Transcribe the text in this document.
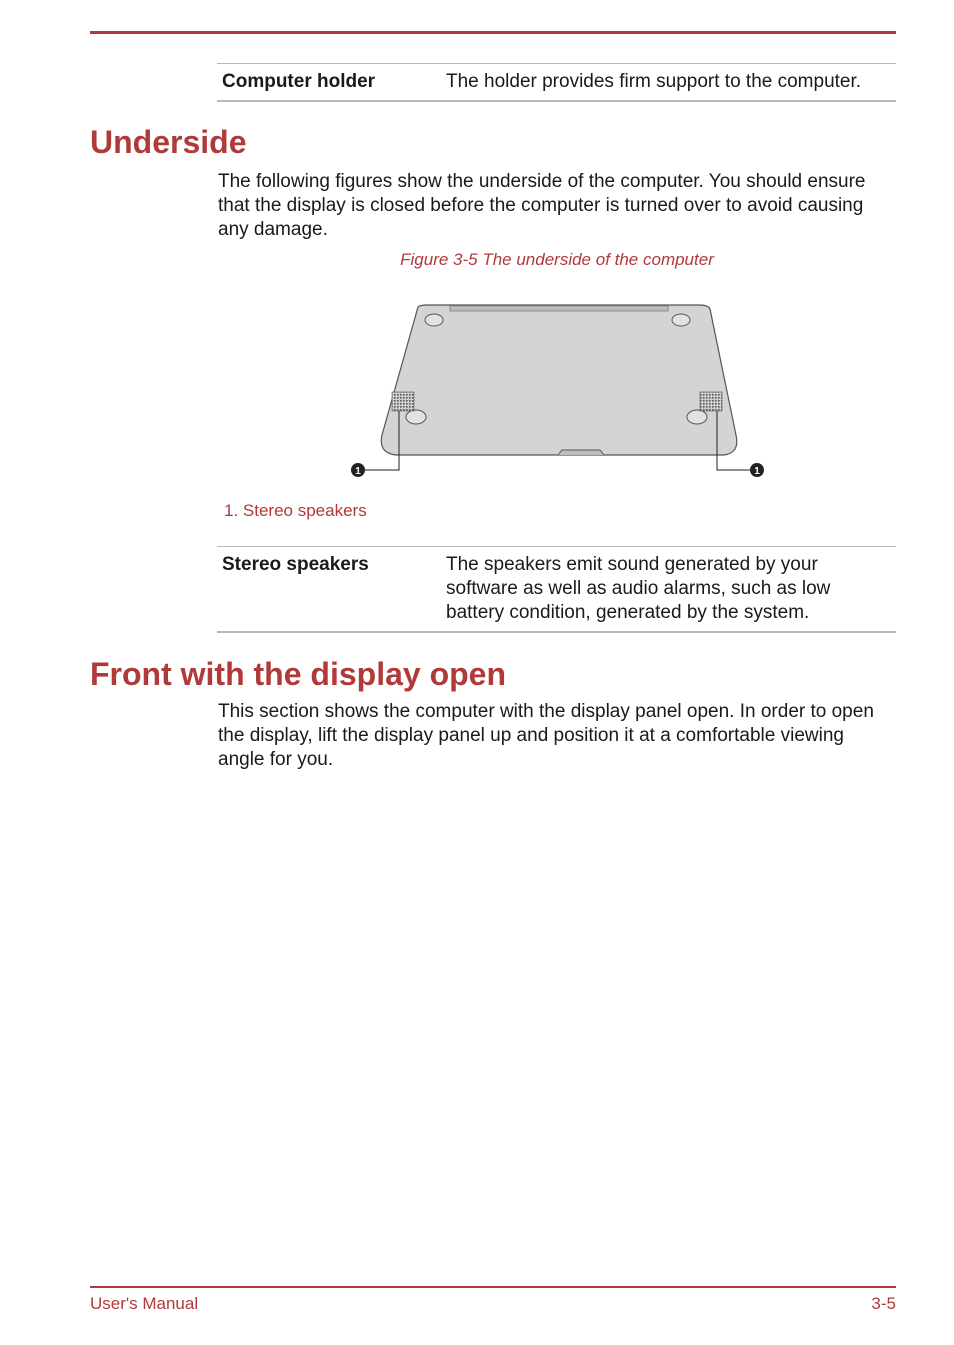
Computer holder	The holder provides firm support to the computer.
Underside

The following figures show the underside of the computer. You should ensure that the display is closed before the computer is turned over to avoid causing any damage.

Figure 3-5 The underside of the computer
1	1
1. Stereo speakers
Stereo speakers	The speakers emit sound generated by your software as well as audio alarms, such as low battery condition, generated by the system.
Front with the display open

This section shows the computer with the display panel open. In order to open the display, lift the display panel up and position it at a comfortable viewing angle for you.

User's Manual	3-5
